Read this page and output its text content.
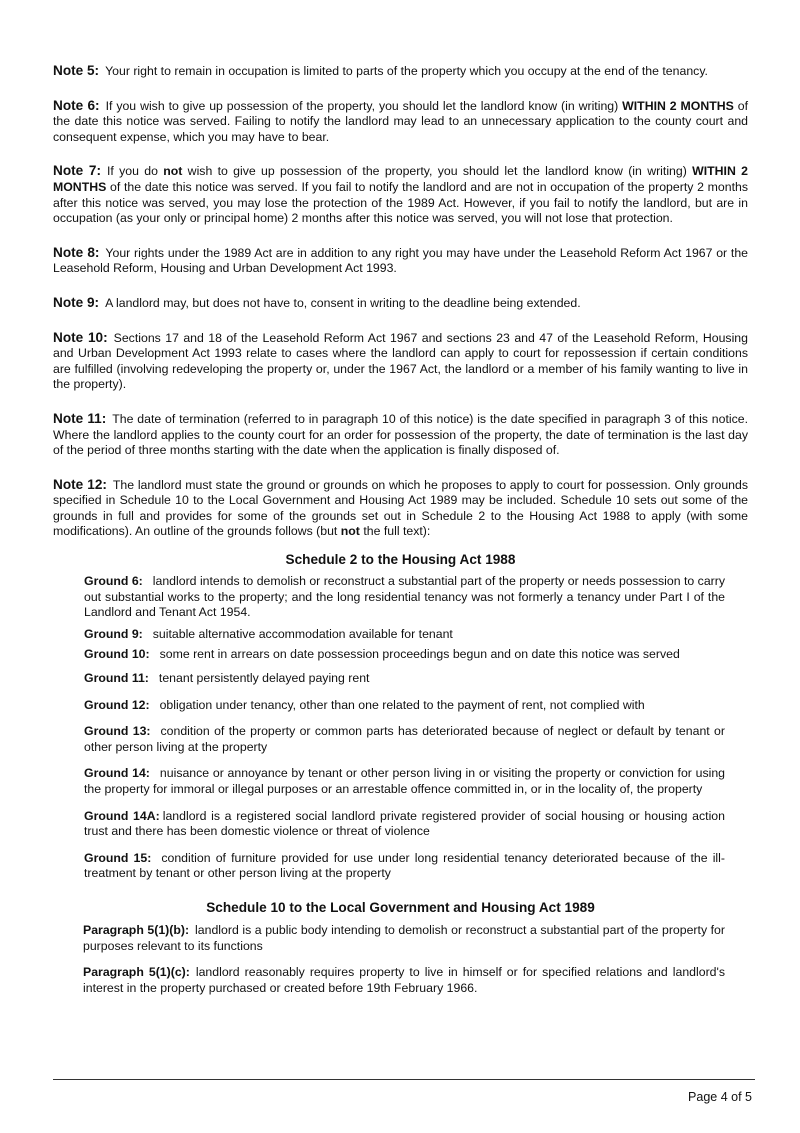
Note 5: Your right to remain in occupation is limited to parts of the property which you occupy at the end of the tenancy.

Note 6: If you wish to give up possession of the property, you should let the landlord know (in writing) WITHIN 2 MONTHS of the date this notice was served. Failing to notify the landlord may lead to an unnecessary application to the county court and consequent expense, which you may have to bear.

Note 7: If you do not wish to give up possession of the property, you should let the landlord know (in writing) WITHIN 2 MONTHS of the date this notice was served. If you fail to notify the landlord and are not in occupation of the property 2 months after this notice was served, you may lose the protection of the 1989 Act. However, if you fail to notify the landlord, but are in occupation (as your only or principal home) 2 months after this notice was served, you will not lose that protection.

Note 8: Your rights under the 1989 Act are in addition to any right you may have under the Leasehold Reform Act 1967 or the Leasehold Reform, Housing and Urban Development Act 1993.

Note 9: A landlord may, but does not have to, consent in writing to the deadline being extended.

Note 10: Sections 17 and 18 of the Leasehold Reform Act 1967 and sections 23 and 47 of the Leasehold Reform, Housing and Urban Development Act 1993 relate to cases where the landlord can apply to court for repossession if certain conditions are fulfilled (involving redeveloping the property or, under the 1967 Act, the landlord or a member of his family wanting to live in the property).

Note 11: The date of termination (referred to in paragraph 10 of this notice) is the date specified in paragraph 3 of this notice. Where the landlord applies to the county court for an order for possession of the property, the date of termination is the last day of the period of three months starting with the date when the application is finally disposed of.

Note 12: The landlord must state the ground or grounds on which he proposes to apply to court for possession. Only grounds specified in Schedule 10 to the Local Government and Housing Act 1989 may be included. Schedule 10 sets out some of the grounds in full and provides for some of the grounds set out in Schedule 2 to the Housing Act 1988 to apply (with some modifications). An outline of the grounds follows (but not the full text):

Schedule 2 to the Housing Act 1988

Ground 6: landlord intends to demolish or reconstruct a substantial part of the property or needs possession to carry out substantial works to the property; and the long residential tenancy was not formerly a tenancy under Part I of the Landlord and Tenant Act 1954.

Ground 9: suitable alternative accommodation available for tenant

Ground 10: some rent in arrears on date possession proceedings begun and on date this notice was served

Ground 11: tenant persistently delayed paying rent

Ground 12: obligation under tenancy, other than one related to the payment of rent, not complied with

Ground 13: condition of the property or common parts has deteriorated because of neglect or default by tenant or other person living at the property

Ground 14: nuisance or annoyance by tenant or other person living in or visiting the property or conviction for using the property for immoral or illegal purposes or an arrestable offence committed in, or in the locality of, the property

Ground 14A: landlord is a registered social landlord private registered provider of social housing or housing action trust and there has been domestic violence or threat of violence

Ground 15: condition of furniture provided for use under long residential tenancy deteriorated because of the ill-treatment by tenant or other person living at the property

Schedule 10 to the Local Government and Housing Act 1989

Paragraph 5(1)(b): landlord is a public body intending to demolish or reconstruct a substantial part of the property for purposes relevant to its functions

Paragraph 5(1)(c): landlord reasonably requires property to live in himself or for specified relations and landlord's interest in the property purchased or created before 19th February 1966.

Page 4 of 5
